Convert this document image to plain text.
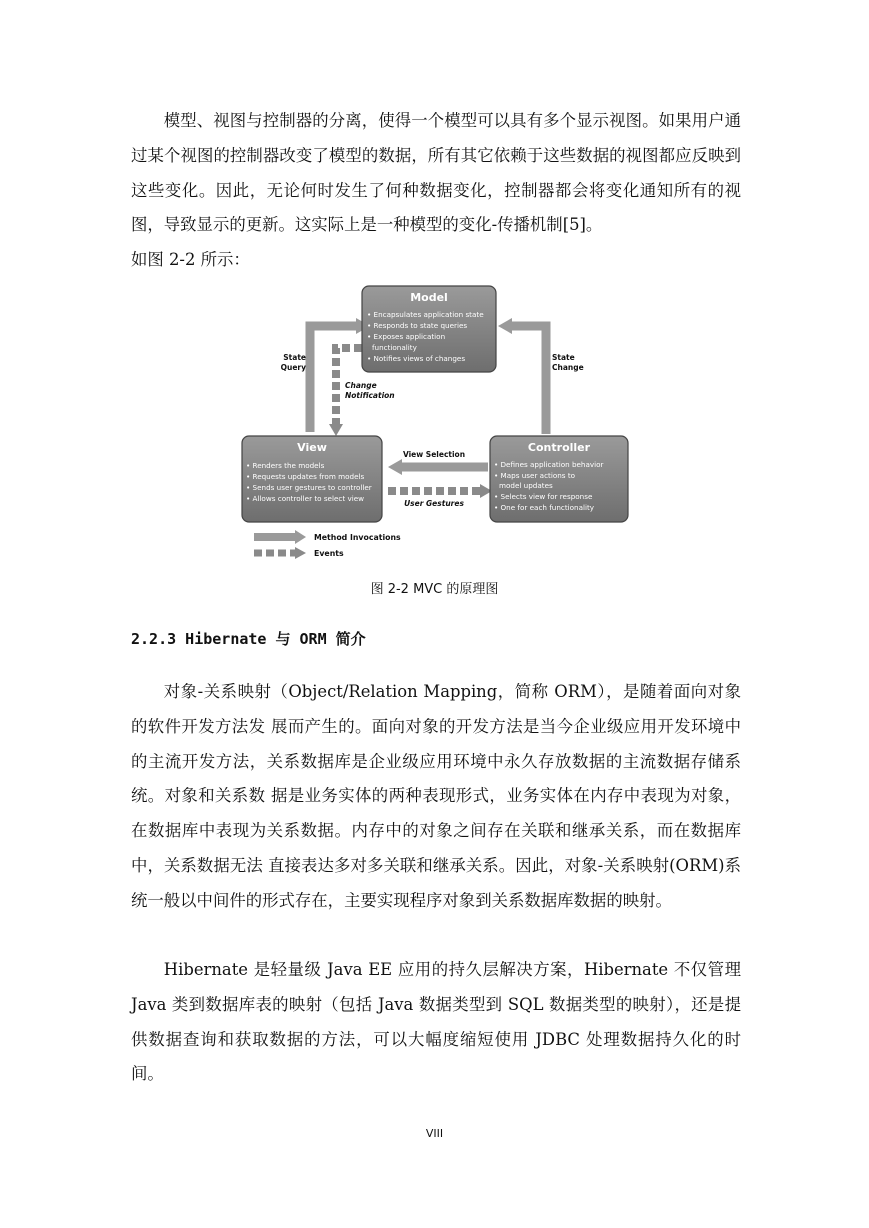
模型、视图与控制器的分离，使得一个模型可以具有多个显示视图。如果用户通过某个视图的控制器改变了模型的数据，所有其它依赖于这些数据的视图都应反映到 这些变化。因此，无论何时发生了何种数据变化，控制器都会将变化通知所有的视图，导致显示的更新。这实际上是一种模型的变化-传播机制[5]。

如图 2-2 所示：

Model
• Encapsulates application state
• Responds to state queries
• Exposes application
functionality
• Notifies views of changes
View
• Renders the models
• Requests updates from models
• Sends user gestures to controller
• Allows controller to select view
Controller
• Defines application behavior
• Maps user actions to
model updates
• Selects view for response
• One for each functionality
State
Query
State
Change
Change
Notification
View Selection
User Gestures
Method Invocations
Events
图 2-2 MVC 的原理图
2.2.3 Hibernate 与 ORM 简介

对象-关系映射（Object/Relation Mapping，简称 ORM），是随着面向对象的软件开发方法发 展而产生的。面向对象的开发方法是当今企业级应用开发环境中的主流开发方法，关系数据库是企业级应用环境中永久存放数据的主流数据存储系统。对象和关系数 据是业务实体的两种表现形式，业务实体在内存中表现为对象，在数据库中表现为关系数据。内存中的对象之间存在关联和继承关系，而在数据库中，关系数据无法 直接表达多对多关联和继承关系。因此，对象-关系映射(ORM)系统一般以中间件的形式存在，主要实现程序对象到关系数据库数据的映射。

Hibernate 是轻量级 Java EE 应用的持久层解决方案，Hibernate 不仅管理 Java 类到数据库表的映射（包括 Java 数据类型到 SQL 数据类型的映射），还是提供数据查询和获取数据的方法，可以大幅度缩短使用 JDBC 处理数据持久化的时间。

VIII
